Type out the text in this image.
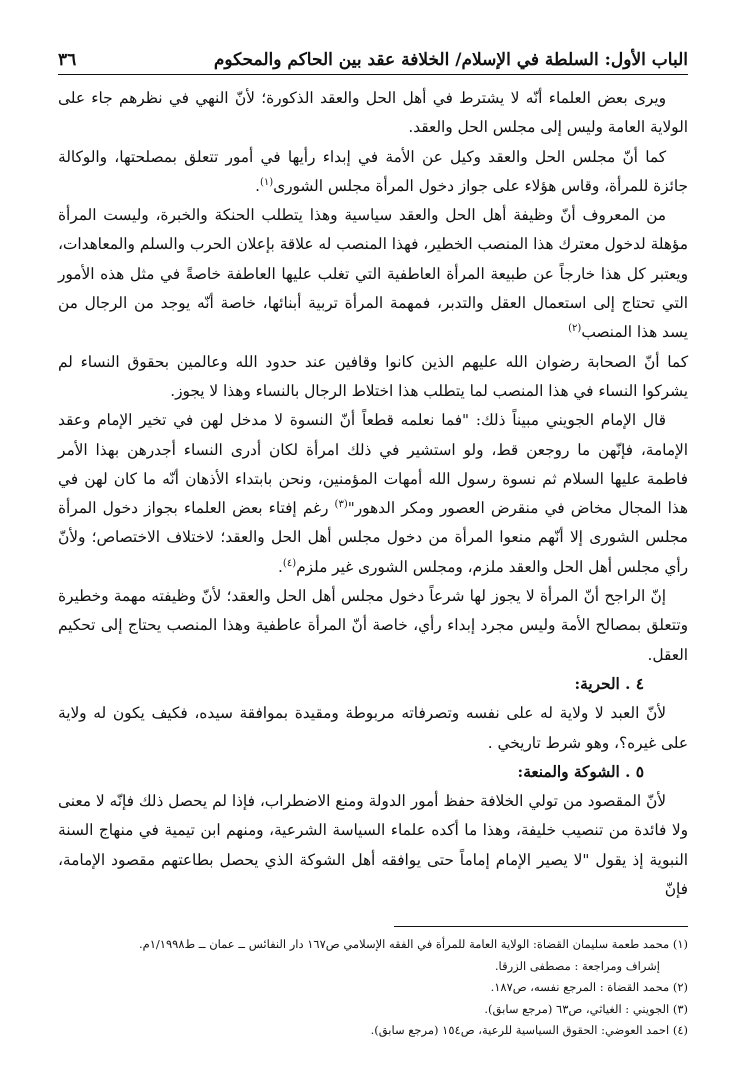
الباب الأول: السلطة في الإسلام/ الخلافة عقد بين الحاكم والمحكوم
٣٦

ويرى بعض العلماء أنّه لا يشترط في أهل الحل والعقد الذكورة؛ لأنّ النهي في نظرهم جاء على الولاية العامة وليس إلى مجلس الحل والعقد.

كما أنّ مجلس الحل والعقد وكيل عن الأمة في إبداء رأيها في أمور تتعلق بمصلحتها، والوكالة جائزة للمرأة، وقاس هؤلاء على جواز دخول المرأة مجلس الشورى$^{(١)}$.

من المعروف أنّ وظيفة أهل الحل والعقد سياسية وهذا يتطلب الحنكة والخبرة، وليست المرأة مؤهلة لدخول معترك هذا المنصب الخطير، فهذا المنصب له علاقة بإعلان الحرب والسلم والمعاهدات، ويعتبر كل هذا خارجاً عن طبيعة المرأة العاطفية التي تغلب عليها العاطفة خاصةً في مثل هذه الأمور التي تحتاج إلى استعمال العقل والتدبر، فمهمة المرأة تربية أبنائها، خاصة أنّه يوجد من الرجال من يسد هذا المنصب$^{(٢)}$

كما أنّ الصحابة رضوان الله عليهم الذين كانوا وقافين عند حدود الله وعالمين بحقوق النساء لم يشركوا النساء في هذا المنصب لما يتطلب هذا اختلاط الرجال بالنساء وهذا لا يجوز.

قال الإمام الجويني مبيناً ذلك: "فما نعلمه قطعاً أنّ النسوة لا مدخل لهن في تخير الإمام وعقد الإمامة، فإنّهن ما روجعن قط، ولو استشير في ذلك امرأة لكان أدرى النساء أجدرهن بهذا الأمر فاطمة عليها السلام ثم نسوة رسول الله أمهات المؤمنين، ونحن بابتداء الأذهان أنّه ما كان لهن في هذا المجال مخاض في منقرض العصور ومكر الدهور"$^{(٣)}$ رغم إفتاء بعض العلماء بجواز دخول المرأة مجلس الشورى إلا أنّهم منعوا المرأة من دخول مجلس أهل الحل والعقد؛ لاختلاف الاختصاص؛ ولأنّ رأي مجلس أهل الحل والعقد ملزم، ومجلس الشورى غير ملزم$^{(٤)}$.

إنّ الراجح أنّ المرأة لا يجوز لها شرعاً دخول مجلس أهل الحل والعقد؛ لأنّ وظيفته مهمة وخطيرة وتتعلق بمصالح الأمة وليس مجرد إبداء رأي، خاصة أنّ المرأة عاطفية وهذا المنصب يحتاج إلى تحكيم العقل.

٤ . الحرية:

لأنّ العبد لا ولاية له على نفسه وتصرفاته مربوطة ومقيدة بموافقة سيده، فكيف يكون له ولاية على غيره؟، وهو شرط تاريخي .

٥ . الشوكة والمنعة:

لأنّ المقصود من تولي الخلافة حفظ أمور الدولة ومنع الاضطراب، فإذا لم يحصل ذلك فإنّه لا معنى ولا فائدة من تنصيب خليفة، وهذا ما أكده علماء السياسة الشرعية، ومنهم ابن تيمية في منهاج السنة النبوية إذ يقول "لا يصير الإمام إماماً حتى يوافقه أهل الشوكة الذي يحصل بطاعتهم مقصود الإمامة، فإنّ

(١) محمد طعمة سليمان القضاة: الولاية العامة للمرأة في الفقه الإسلامي ص١٦٧ دار النفائس ــ عمان ــ ط١/١٩٩٨م.
إشراف ومراجعة : مصطفى الزرقا.
(٢) محمد القضاة : المرجع نفسه، ص١٨٧.
(٣) الجويني : الغياثي، ص٦٣ (مرجع سابق).
(٤) احمد العوضي: الحقوق السياسية للرعية، ص١٥٤ (مرجع سابق).
